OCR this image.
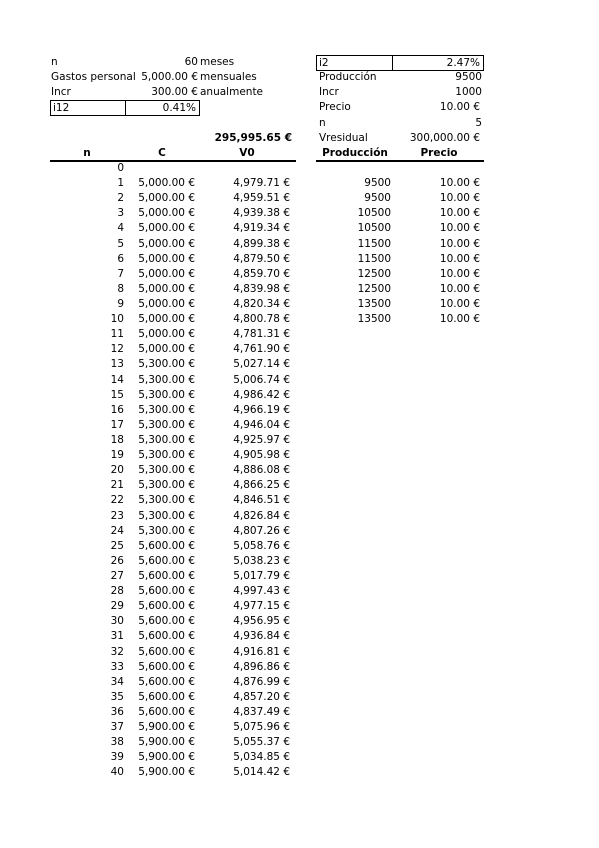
n	60 meses
Gastos personal 5,000.00 € mensuales
Incr	300.00 € anualmente
i12	0.41%
295,995.65 €
n	C	V0
0
1	5,000.00 €	4,979.71 €
2	5,000.00 €	4,959.51 €
3	5,000.00 €	4,939.38 €
4	5,000.00 €	4,919.34 €
5	5,000.00 €	4,899.38 €
6	5,000.00 €	4,879.50 €
7	5,000.00 €	4,859.70 €
8	5,000.00 €	4,839.98 €
9	5,000.00 €	4,820.34 €
10	5,000.00 €	4,800.78 €
11	5,000.00 €	4,781.31 €
12	5,000.00 €	4,761.90 €
13	5,300.00 €	5,027.14 €
14	5,300.00 €	5,006.74 €
15	5,300.00 €	4,986.42 €
16	5,300.00 €	4,966.19 €
17	5,300.00 €	4,946.04 €
18	5,300.00 €	4,925.97 €
19	5,300.00 €	4,905.98 €
20	5,300.00 €	4,886.08 €
21	5,300.00 €	4,866.25 €
22	5,300.00 €	4,846.51 €
23	5,300.00 €	4,826.84 €
24	5,300.00 €	4,807.26 €
25	5,600.00 €	5,058.76 €
26	5,600.00 €	5,038.23 €
27	5,600.00 €	5,017.79 €
28	5,600.00 €	4,997.43 €
29	5,600.00 €	4,977.15 €
30	5,600.00 €	4,956.95 €
31	5,600.00 €	4,936.84 €
32	5,600.00 €	4,916.81 €
33	5,600.00 €	4,896.86 €
34	5,600.00 €	4,876.99 €
35	5,600.00 €	4,857.20 €
36	5,600.00 €	4,837.49 €
37	5,900.00 €	5,075.96 €
38	5,900.00 €	5,055.37 €
39	5,900.00 €	5,034.85 €
40	5,900.00 €	5,014.42 €
i2	2.47%
Producción	9500
Incr	1000
Precio	10.00 €
n	5
Vresidual	300,000.00 €
Producción	Precio
9500	10.00 €
9500	10.00 €
10500	10.00 €
10500	10.00 €
11500	10.00 €
11500	10.00 €
12500	10.00 €
12500	10.00 €
13500	10.00 €
13500	10.00 €
